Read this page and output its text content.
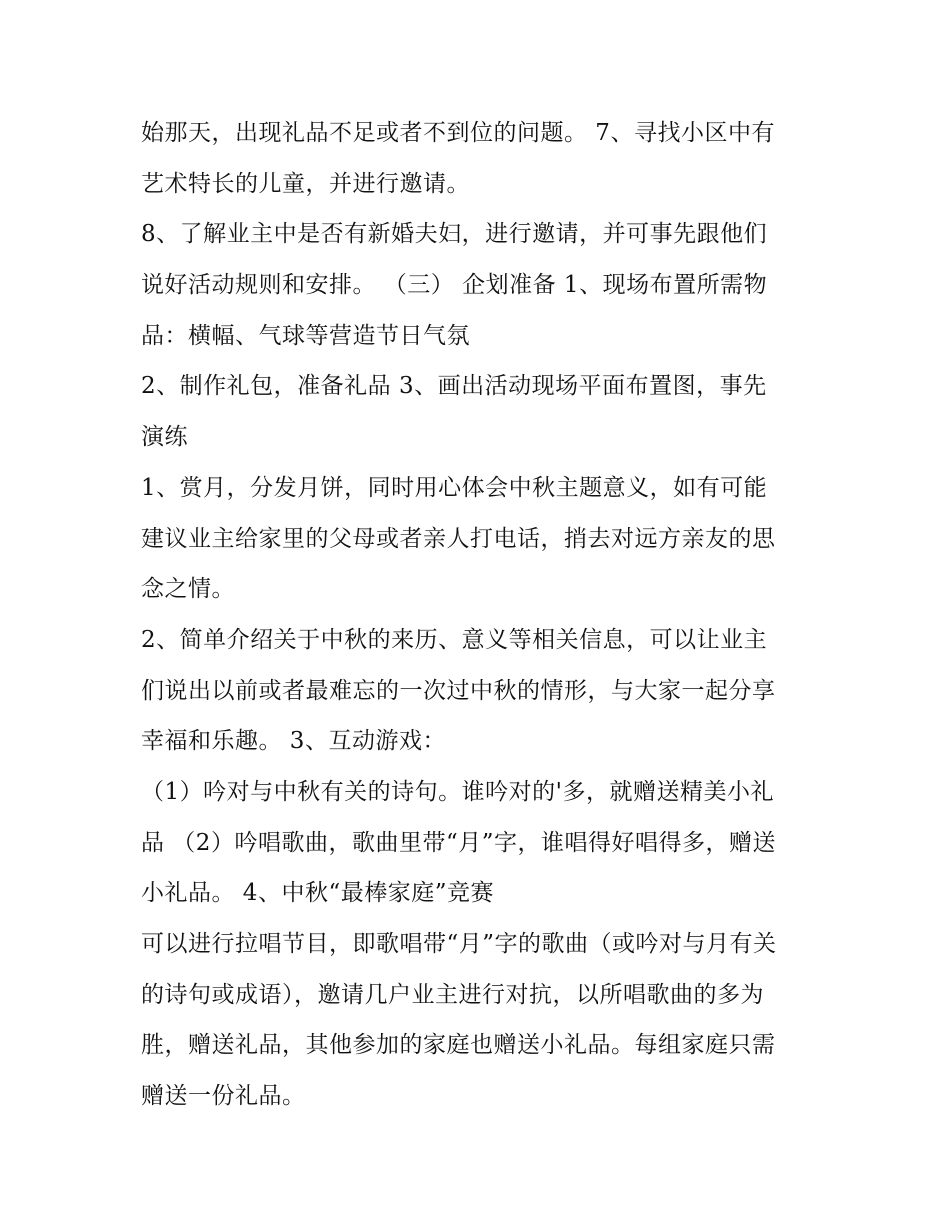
始那天，出现礼品不足或者不到位的问题。 7、寻找小区中有
艺术特长的儿童，并进行邀请。
8、了解业主中是否有新婚夫妇，进行邀请，并可事先跟他们
说好活动规则和安排。 （三） 企划准备 1、现场布置所需物
品：横幅、气球等营造节日气氛
2、制作礼包，准备礼品 3、画出活动现场平面布置图，事先
演练
1、赏月，分发月饼，同时用心体会中秋主题意义，如有可能
建议业主给家里的父母或者亲人打电话，捎去对远方亲友的思
念之情。
2、简单介绍关于中秋的来历、意义等相关信息，可以让业主
们说出以前或者最难忘的一次过中秋的情形，与大家一起分享
幸福和乐趣。 3、互动游戏：
（1）吟对与中秋有关的诗句。谁吟对的'多，就赠送精美小礼
品 （2）吟唱歌曲，歌曲里带“月”字，谁唱得好唱得多，赠送
小礼品。 4、中秋“最棒家庭”竞赛
可以进行拉唱节目，即歌唱带“月”字的歌曲（或吟对与月有关
的诗句或成语），邀请几户业主进行对抗，以所唱歌曲的多为
胜，赠送礼品，其他参加的家庭也赠送小礼品。每组家庭只需
赠送一份礼品。
